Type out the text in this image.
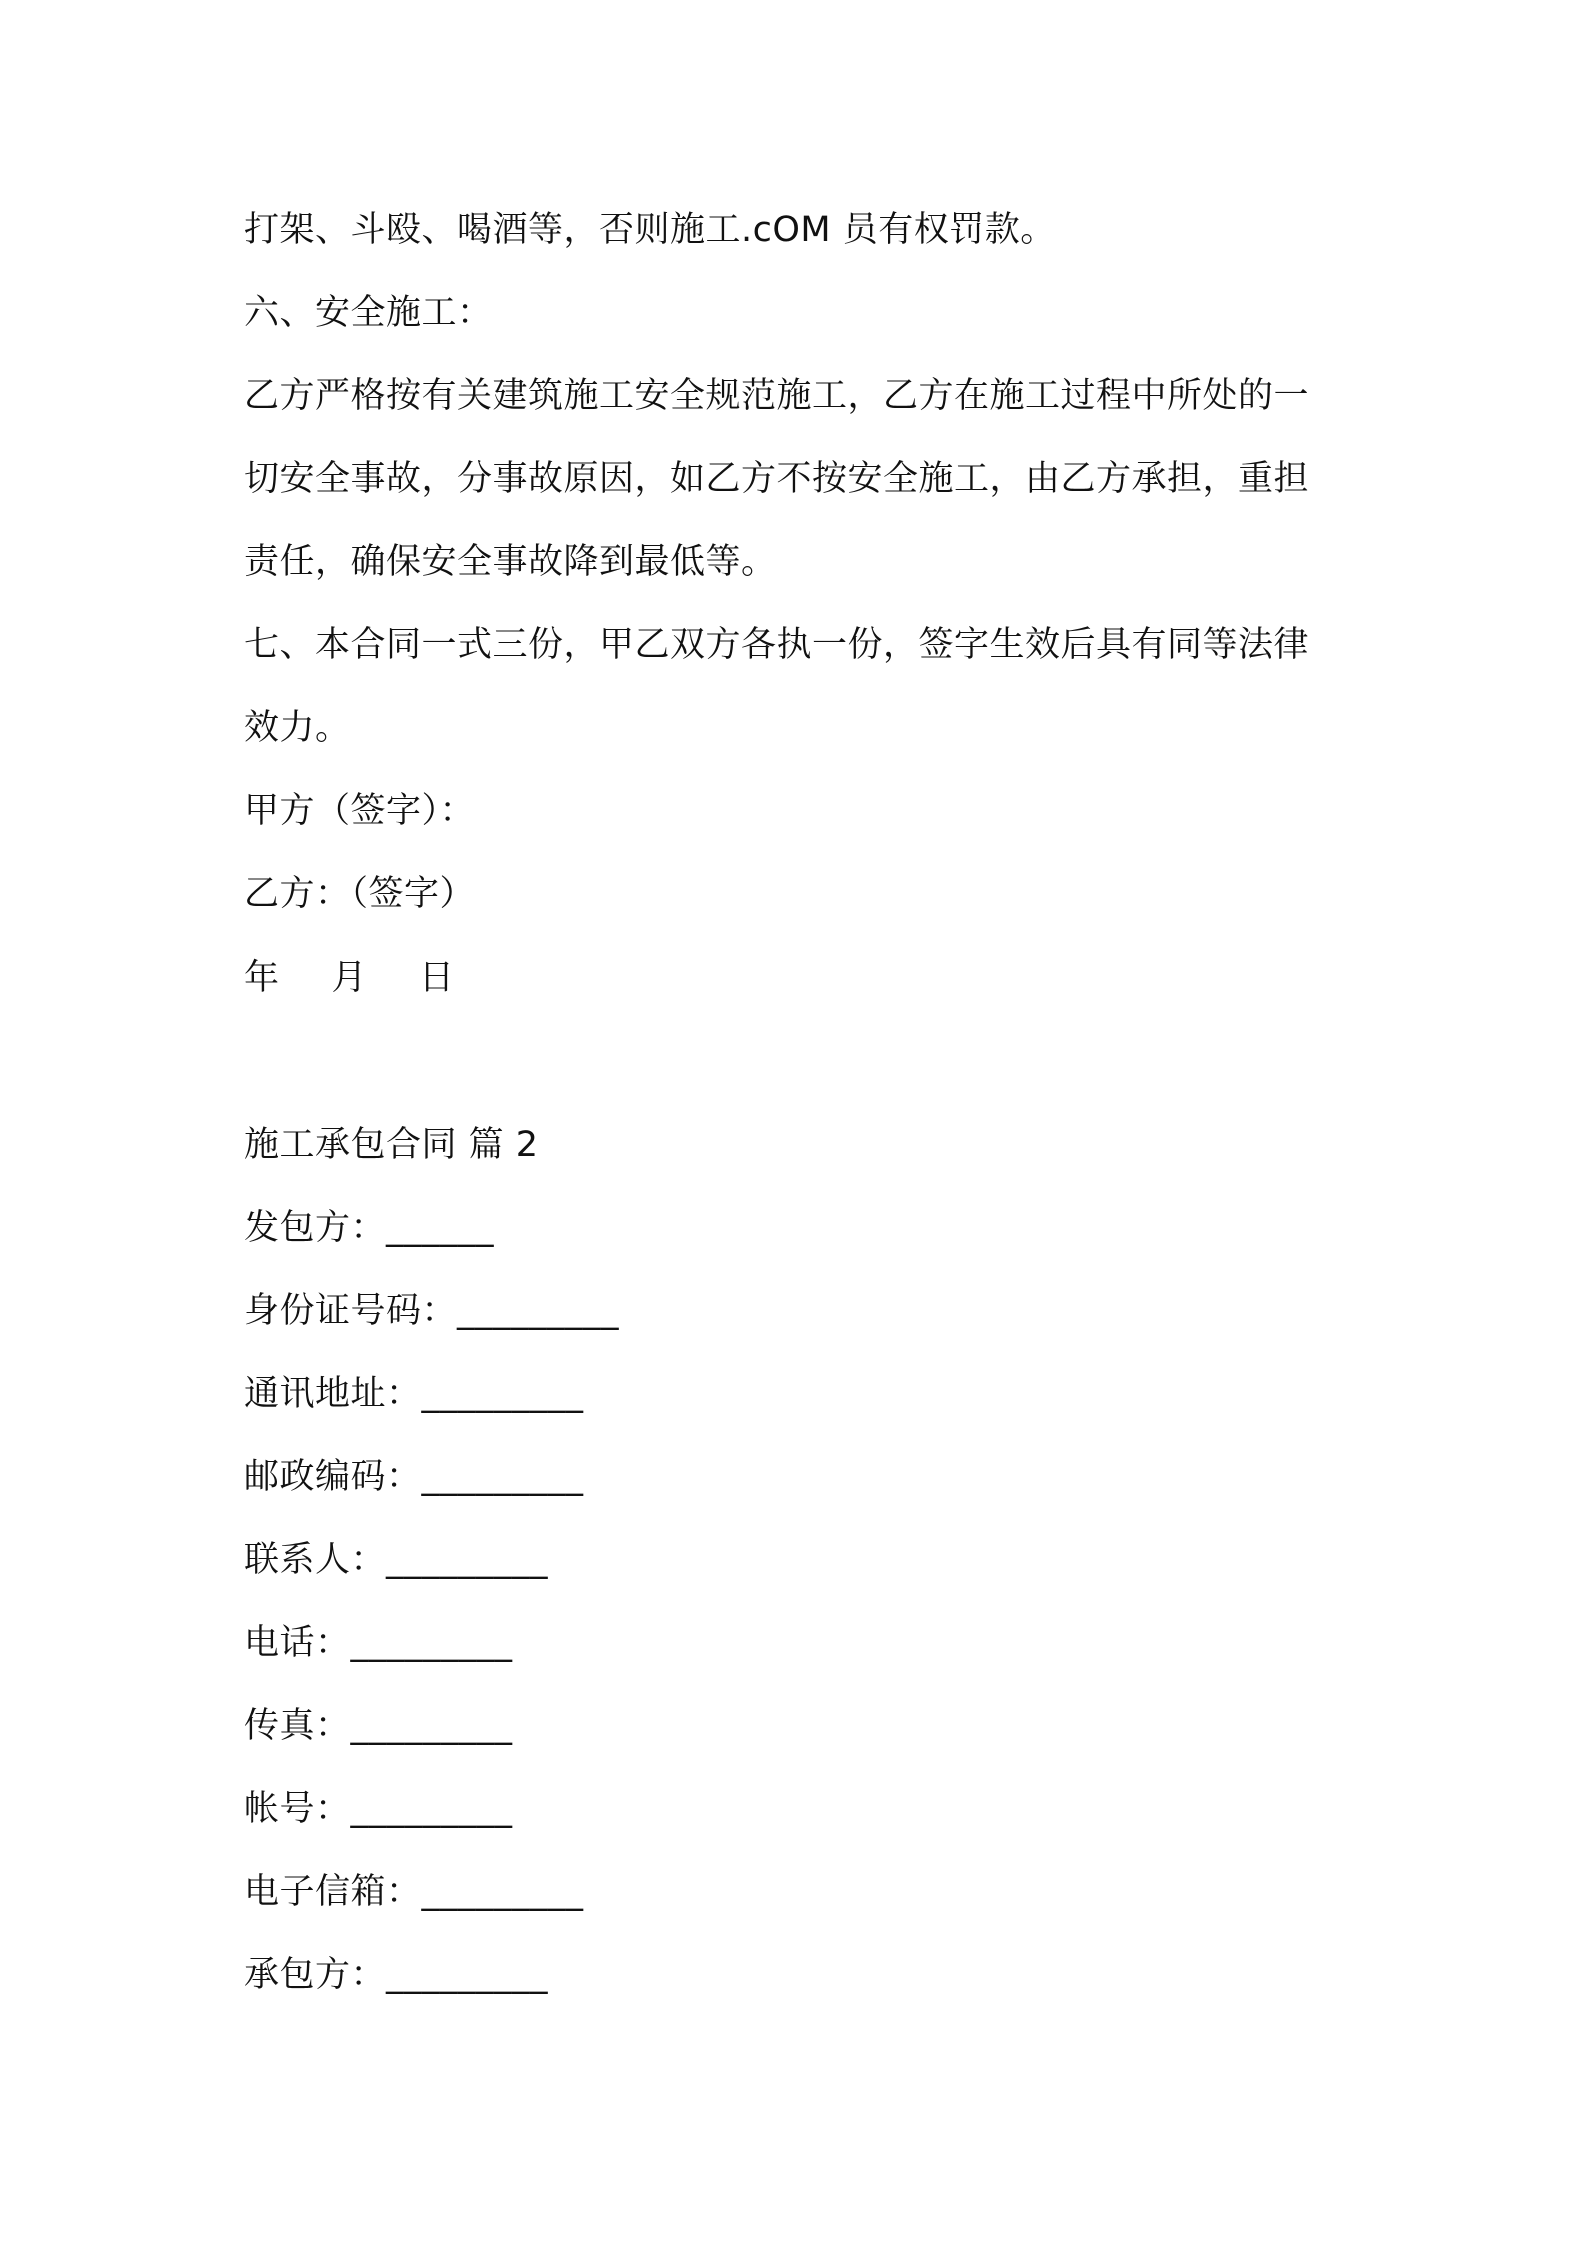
打架、斗殴、喝酒等，否则施工.cOM 员有权罚款。
六、安全施工：
乙方严格按有关建筑施工安全规范施工，乙方在施工过程中所处的一
切安全事故，分事故原因，如乙方不按安全施工，由乙方承担，重担
责任，确保安全事故降到最低等。
七、本合同一式三份，甲乙双方各执一份，签字生效后具有同等法律
效力。
甲方（签字）：
乙方：（签字）
年 月 日
施工承包合同 篇 2
发包方：______
身份证号码：_________
通讯地址：_________
邮政编码：_________
联系人：_________
电话：_________
传真：_________
帐号：_________
电子信箱：_________
承包方：_________
